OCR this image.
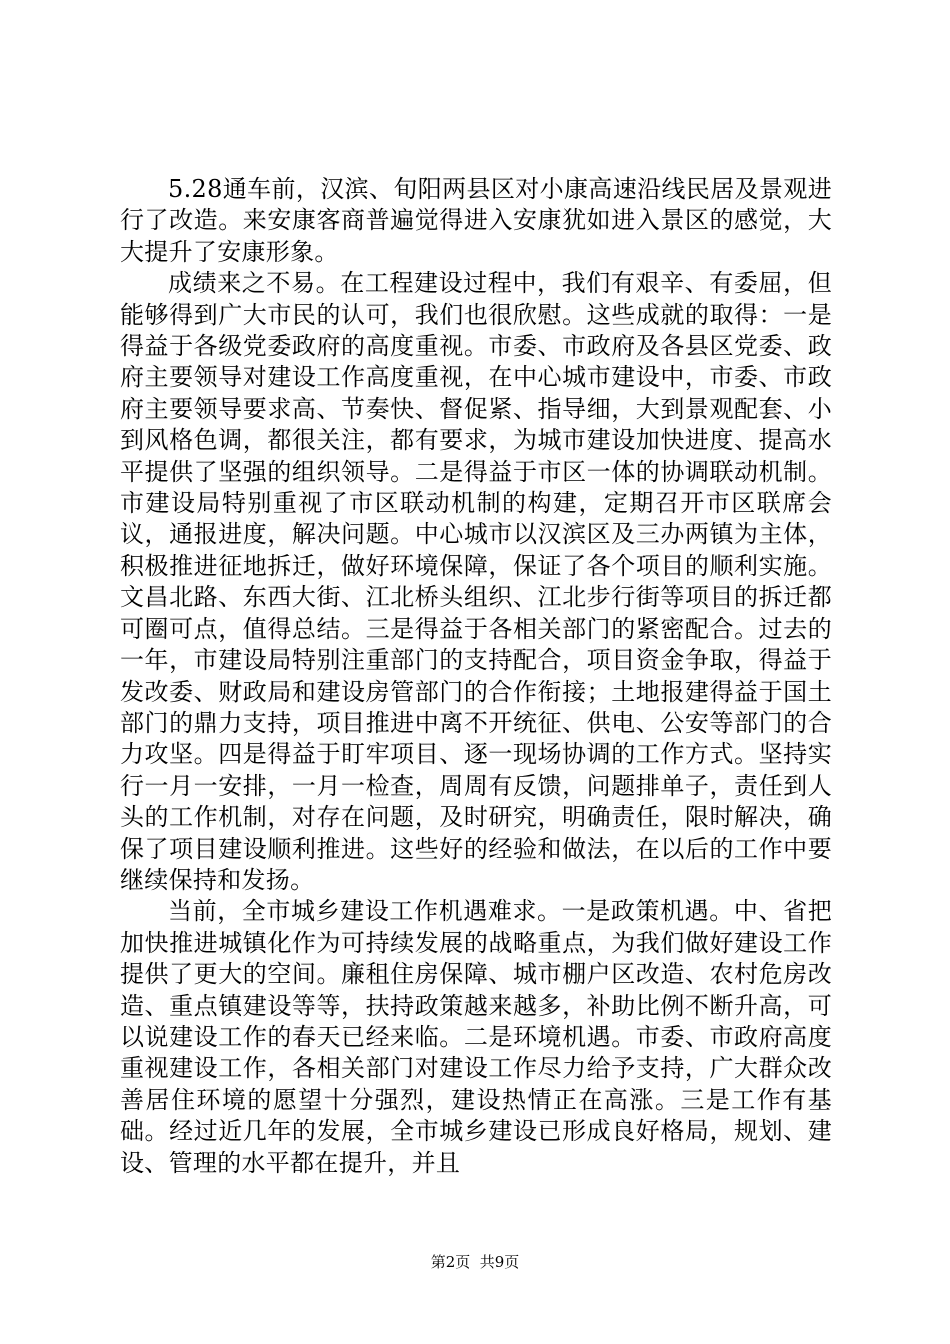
5.28通车前，汉滨、旬阳两县区对小康高速沿线民居及景观进行了改造。来安康客商普遍觉得进入安康犹如进入景区的感觉，大大提升了安康形象。

成绩来之不易。在工程建设过程中，我们有艰辛、有委屈，但能够得到广大市民的认可，我们也很欣慰。这些成就的取得：一是得益于各级党委政府的高度重视。市委、市政府及各县区党委、政府主要领导对建设工作高度重视，在中心城市建设中，市委、市政府主要领导要求高、节奏快、督促紧、指导细，大到景观配套、小到风格色调，都很关注，都有要求，为城市建设加快进度、提高水平提供了坚强的组织领导。二是得益于市区一体的协调联动机制。市建设局特别重视了市区联动机制的构建，定期召开市区联席会议，通报进度，解决问题。中心城市以汉滨区及三办两镇为主体，积极推进征地拆迁，做好环境保障，保证了各个项目的顺利实施。文昌北路、东西大街、江北桥头组织、江北步行街等项目的拆迁都可圈可点，值得总结。三是得益于各相关部门的紧密配合。过去的一年，市建设局特别注重部门的支持配合，项目资金争取，得益于发改委、财政局和建设房管部门的合作衔接；土地报建得益于国土部门的鼎力支持，项目推进中离不开统征、供电、公安等部门的合力攻坚。四是得益于盯牢项目、逐一现场协调的工作方式。坚持实行一月一安排，一月一检查，周周有反馈，问题排单子，责任到人头的工作机制，对存在问题，及时研究，明确责任，限时解决，确保了项目建设顺利推进。这些好的经验和做法，在以后的工作中要继续保持和发扬。

当前，全市城乡建设工作机遇难求。一是政策机遇。中、省把加快推进城镇化作为可持续发展的战略重点，为我们做好建设工作提供了更大的空间。廉租住房保障、城市棚户区改造、农村危房改造、重点镇建设等等，扶持政策越来越多，补助比例不断升高，可以说建设工作的春天已经来临。二是环境机遇。市委、市政府高度重视建设工作，各相关部门对建设工作尽力给予支持，广大群众改善居住环境的愿望十分强烈，建设热情正在高涨。三是工作有基础。经过近几年的发展，全市城乡建设已形成良好格局，规划、建设、管理的水平都在提升，并且

第2页  共9页
